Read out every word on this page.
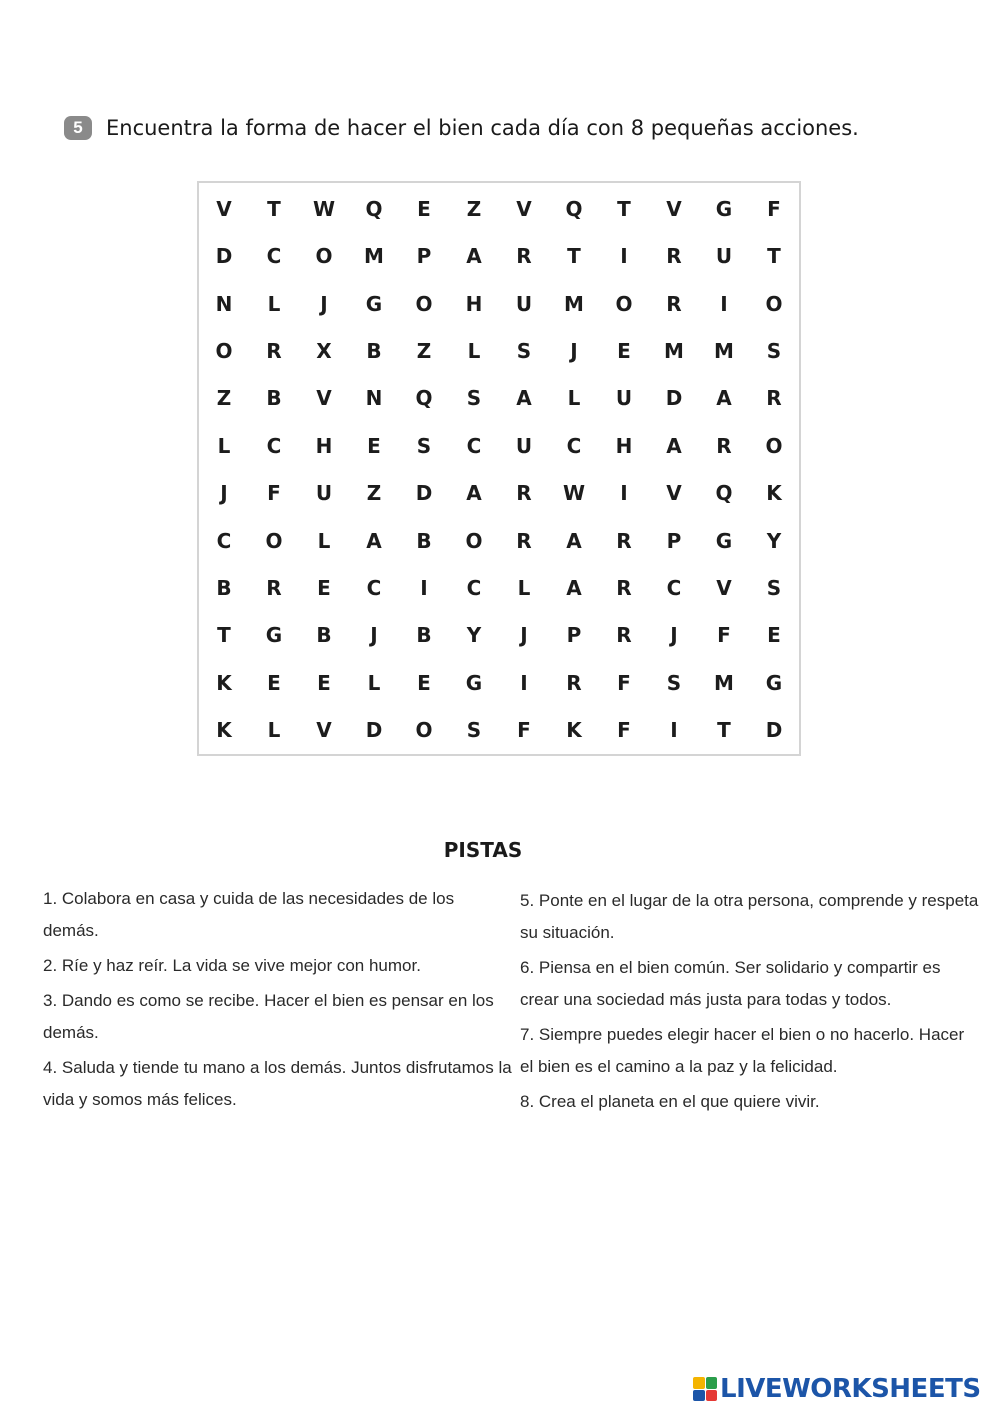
5	Encuentra la forma de hacer el bien cada día con 8 pequeñas acciones.
V	T	W	Q	E	Z	V	Q	T	V	G	F
D	C	O	M	P	A	R	T	I	R	U	T
N	L	J	G	O	H	U	M	O	R	I	O
O	R	X	B	Z	L	S	J	E	M	M	S
Z	B	V	N	Q	S	A	L	U	D	A	R
L	C	H	E	S	C	U	C	H	A	R	O
J	F	U	Z	D	A	R	W	I	V	Q	K
C	O	L	A	B	O	R	A	R	P	G	Y
B	R	E	C	I	C	L	A	R	C	V	S
T	G	B	J	B	Y	J	P	R	J	F	E
K	E	E	L	E	G	I	R	F	S	M	G
K	L	V	D	O	S	F	K	F	I	T	D
PISTAS

1. Colabora en casa y cuida de las necesidades de los demás.

2. Ríe y haz reír. La vida se vive mejor con humor.

3. Dando es como se recibe. Hacer el bien es pensar en los demás.

4. Saluda y tiende tu mano a los demás. Juntos disfrutamos la vida y somos más felices.

5. Ponte en el lugar de la otra persona, comprende y respeta su situación.

6. Piensa en el bien común. Ser solidario y compartir es crear una sociedad más justa para todas y todos.

7. Siempre puedes elegir hacer el bien o no hacerlo. Hacer el bien es el camino a la paz y la felicidad.

8. Crea el planeta en el que quiere vivir.

LIVEWORKSHEETS
